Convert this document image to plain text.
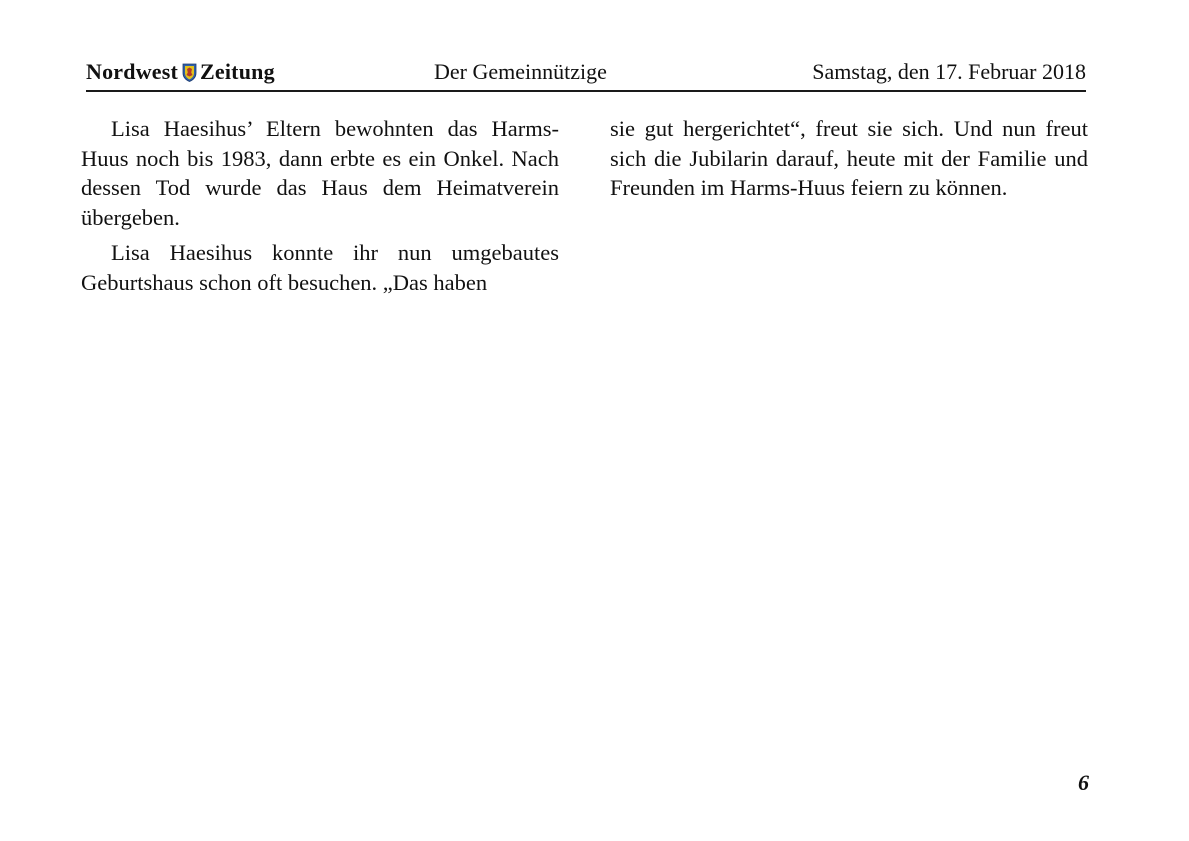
Nordwest Zeitung	Der Gemeinnützige	Samstag, den 17. Februar 2018

Lisa Haesihus’ Eltern bewohnten das Harms-Huus noch bis 1983, dann erbte es ein Onkel. Nach dessen Tod wurde das Haus dem Heimatverein übergeben.

Lisa Haesihus konnte ihr nun umgebautes Geburtshaus schon oft besuchen. „Das haben

sie gut hergerichtet“, freut sie sich. Und nun freut sich die Jubilarin darauf, heute mit der Familie und Freunden im Harms-Huus feiern zu können.

6
